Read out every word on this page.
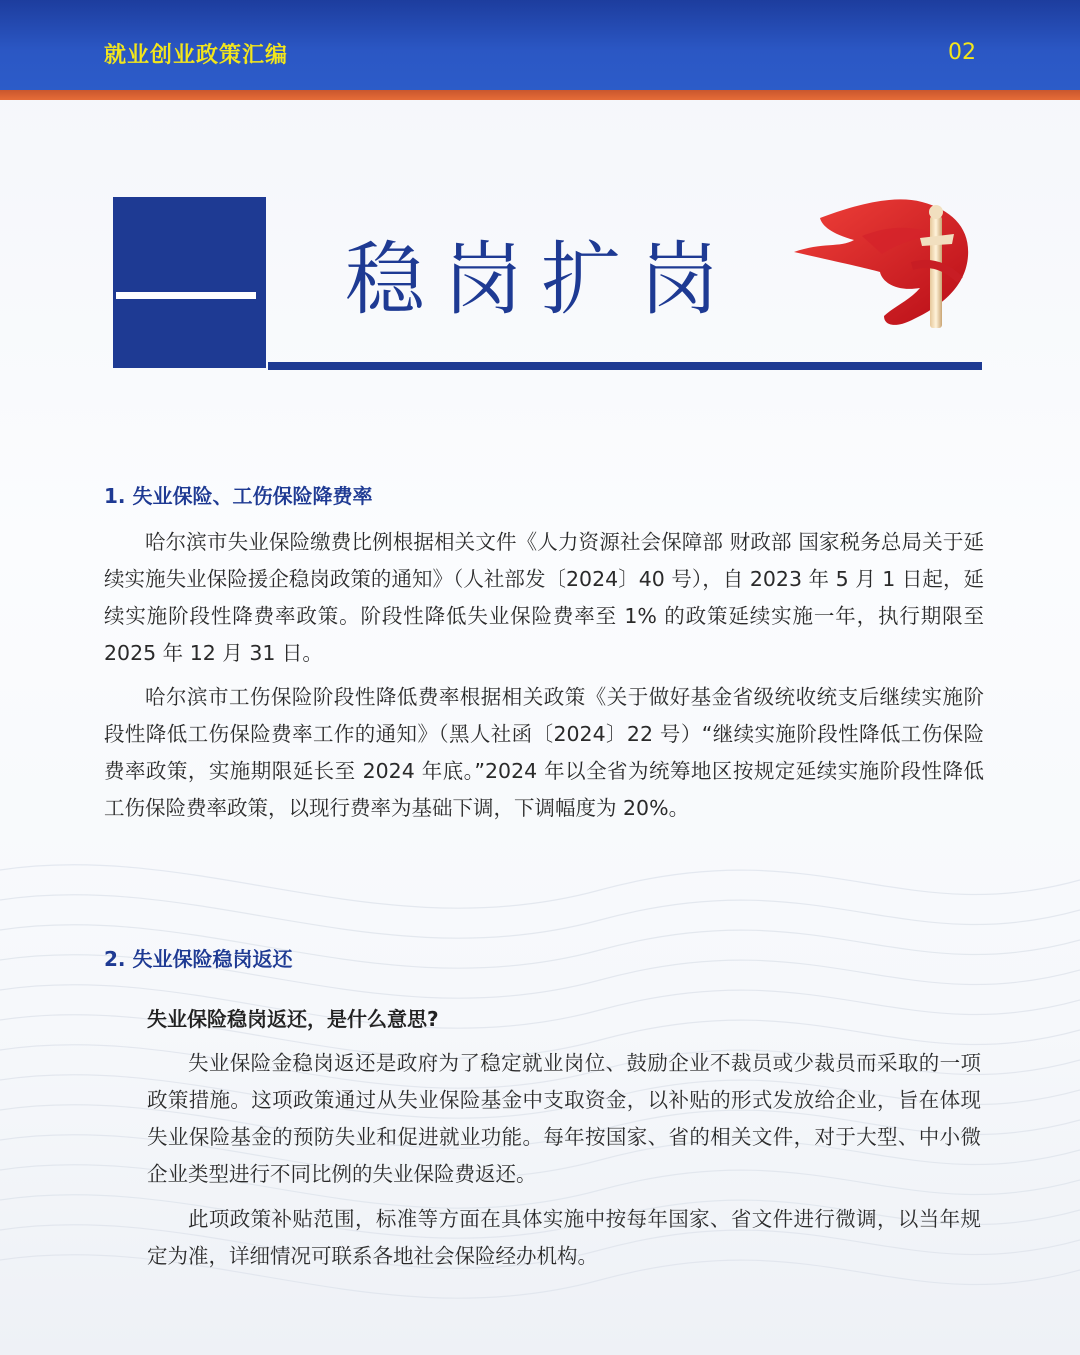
就业创业政策汇编	02
稳岗扩岗
1. 失业保险、工伤保险降费率
哈尔滨市失业保险缴费比例根据相关文件《人力资源社会保障部 财政部 国家税务总局关于延续实施失业保险援企稳岗政策的通知》（人社部发〔2024〕40 号），自 2023 年 5 月 1 日起，延续实施阶段性降费率政策。阶段性降低失业保险费率至 1% 的政策延续实施一年，执行期限至 2025 年 12 月 31 日。
哈尔滨市工伤保险阶段性降低费率根据相关政策《关于做好基金省级统收统支后继续实施阶段性降低工伤保险费率工作的通知》（黑人社函〔2024〕22 号）“继续实施阶段性降低工伤保险费率政策，实施期限延长至 2024 年底。”2024 年以全省为统筹地区按规定延续实施阶段性降低工伤保险费率政策，以现行费率为基础下调，下调幅度为 20%。
2. 失业保险稳岗返还
失业保险稳岗返还，是什么意思?
失业保险金稳岗返还是政府为了稳定就业岗位、鼓励企业不裁员或少裁员而采取的一项政策措施。这项政策通过从失业保险基金中支取资金，以补贴的形式发放给企业，旨在体现失业保险基金的预防失业和促进就业功能。每年按国家、省的相关文件，对于大型、中小微企业类型进行不同比例的失业保险费返还。
此项政策补贴范围，标准等方面在具体实施中按每年国家、省文件进行微调，以当年规定为准，详细情况可联系各地社会保险经办机构。
